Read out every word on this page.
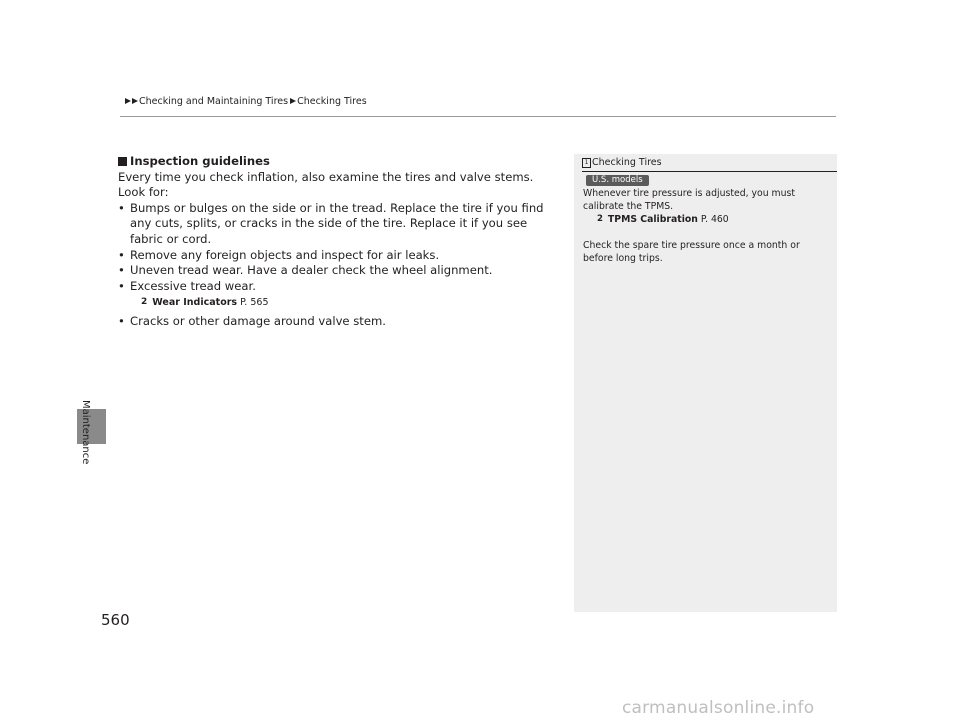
Checking and Maintaining Tires Checking Tires
Maintenance
560
Inspection guidelines
Every time you check inflation, also examine the tires and valve stems.
Look for:
• Bumps or bulges on the side or in the tread. Replace the tire if you find any cuts, splits, or cracks in the side of the tire. Replace it if you see fabric or cord.
• Remove any foreign objects and inspect for air leaks.
• Uneven tread wear. Have a dealer check the wheel alignment.
• Excessive tread wear.
2 Wear Indicators P. 565
• Cracks or other damage around valve stem.
1 Checking Tires
U.S. models
Whenever tire pressure is adjusted, you must calibrate the TPMS.
2 TPMS Calibration P. 460
Check the spare tire pressure once a month or before long trips.
carmanualsonline.info
